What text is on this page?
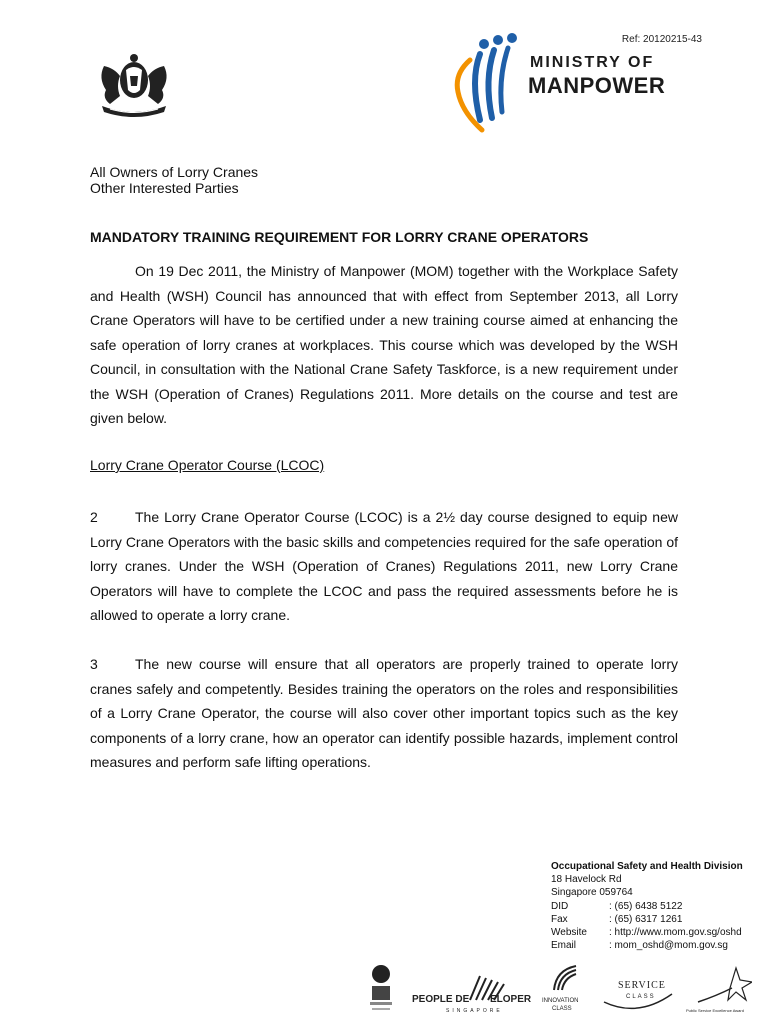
Ref: 20120215-43
MINISTRY OF
MANPOWER
All Owners of Lorry Cranes
Other Interested Parties
MANDATORY TRAINING REQUIREMENT FOR LORRY CRANE OPERATORS

On 19 Dec 2011, the Ministry of Manpower (MOM) together with the Workplace Safety and Health (WSH) Council has announced that with effect from September 2013, all Lorry Crane Operators will have to be certified under a new training course aimed at enhancing the safe operation of lorry cranes at workplaces. This course which was developed by the WSH Council, in consultation with the National Crane Safety Taskforce, is a new requirement under the WSH (Operation of Cranes) Regulations 2011. More details on the course and test are given below.

Lorry Crane Operator Course (LCOC)

2	The Lorry Crane Operator Course (LCOC) is a 2½ day course designed to equip new Lorry Crane Operators with the basic skills and competencies required for the safe operation of lorry cranes. Under the WSH (Operation of Cranes) Regulations 2011, new Lorry Crane Operators will have to complete the LCOC and pass the required assessments before he is allowed to operate a lorry crane.

3	The new course will ensure that all operators are properly trained to operate lorry cranes safely and competently. Besides training the operators on the roles and responsibilities of a Lorry Crane Operator, the course will also cover other important topics such as the key components of a lorry crane, how an operator can identify possible hazards, implement control measures and perform safe lifting operations.

Occupational Safety and Health Division
18 Havelock Rd
Singapore 059764
DID	: (65) 6438 5122
Fax	: (65) 6317 1261
Website : http://www.mom.gov.sg/oshd
Email	: mom_oshd@mom.gov.sg
PEOPLE DE ELOPER
SINGAPORE
INNOVATION
CLASS
SERVICE
CLASS
Public Service Excellence Award
